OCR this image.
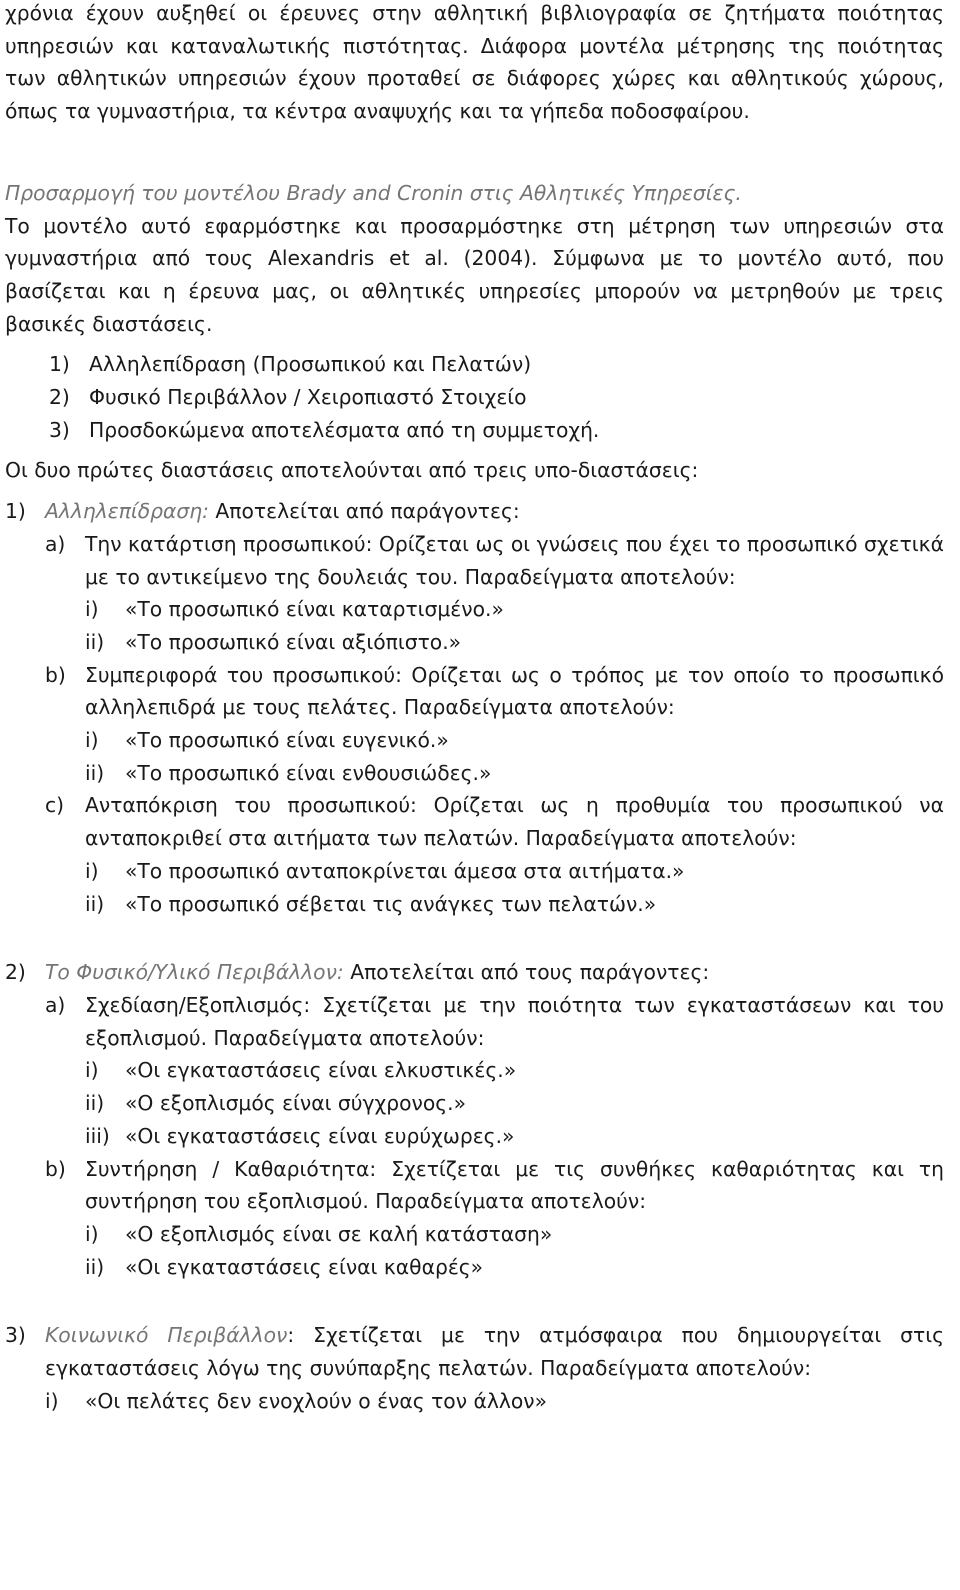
χρόνια έχουν αυξηθεί οι έρευνες στην αθλητική βιβλιογραφία σε ζητήματα ποιότητας υπηρεσιών και καταναλωτικής πιστότητας. Διάφορα μοντέλα μέτρησης της ποιότητας των αθλητικών υπηρεσιών έχουν προταθεί σε διάφορες χώρες και αθλητικούς χώρους, όπως τα γυμναστήρια, τα κέντρα αναψυχής και τα γήπεδα ποδοσφαίρου.

Προσαρμογή του μοντέλου Brady and Cronin στις Αθλητικές Υπηρεσίες.

Το μοντέλο αυτό εφαρμόστηκε και προσαρμόστηκε στη μέτρηση των υπηρεσιών στα γυμναστήρια από τους Alexandris et al. (2004). Σύμφωνα με το μοντέλο αυτό, που βασίζεται και η έρευνα μας, οι αθλητικές υπηρεσίες μπορούν να μετρηθούν με τρεις βασικές διαστάσεις.

1) Αλληλεπίδραση (Προσωπικού και Πελατών)
2) Φυσικό Περιβάλλον / Χειροπιαστό Στοιχείο
3) Προσδοκώμενα αποτελέσματα από τη συμμετοχή.

Οι δυο πρώτες διαστάσεις αποτελούνται από τρεις υπο-διαστάσεις:

1) Αλληλεπίδραση: Αποτελείται από παράγοντες:
a) Την κατάρτιση προσωπικού: Ορίζεται ως οι γνώσεις που έχει το προσωπικό σχετικά με το αντικείμενο της δουλειάς του. Παραδείγματα αποτελούν:

i)	«Το προσωπικό είναι καταρτισμένο.»
ii)	«Το προσωπικό είναι αξιόπιστο.»
b) Συμπεριφορά του προσωπικού: Ορίζεται ως ο τρόπος με τον οποίο το προσωπικό αλληλεπιδρά με τους πελάτες. Παραδείγματα αποτελούν:

i)	«Το προσωπικό είναι ευγενικό.»
ii)	«Το προσωπικό είναι ενθουσιώδες.»
c)	Ανταπόκριση του προσωπικού: Ορίζεται ως η προθυμία του προσωπικού να ανταποκριθεί στα αιτήματα των πελατών. Παραδείγματα αποτελούν:

i)	«Το προσωπικό ανταποκρίνεται άμεσα στα αιτήματα.»
ii)	«Το προσωπικό σέβεται τις ανάγκες των πελατών.»
2) Το Φυσικό/Υλικό Περιβάλλον: Αποτελείται από τους παράγοντες:
a) Σχεδίαση/Εξοπλισμός: Σχετίζεται με την ποιότητα των εγκαταστάσεων και του εξοπλισμού. Παραδείγματα αποτελούν:

i)	«Οι εγκαταστάσεις είναι ελκυστικές.»
ii)	«Ο εξοπλισμός είναι σύγχρονος.»
iii) «Οι εγκαταστάσεις είναι ευρύχωρες.»
b) Συντήρηση / Καθαριότητα: Σχετίζεται με τις συνθήκες καθαριότητας και τη συντήρηση του εξοπλισμού. Παραδείγματα αποτελούν:

i)	«Ο εξοπλισμός είναι σε καλή κατάσταση»
ii)	«Οι εγκαταστάσεις είναι καθαρές»
3) Κοινωνικό Περιβάλλον: Σχετίζεται με την ατμόσφαιρα που δημιουργείται στις εγκαταστάσεις λόγω της συνύπαρξης πελατών. Παραδείγματα αποτελούν:

i)	«Οι πελάτες δεν ενοχλούν ο ένας τον άλλον»
